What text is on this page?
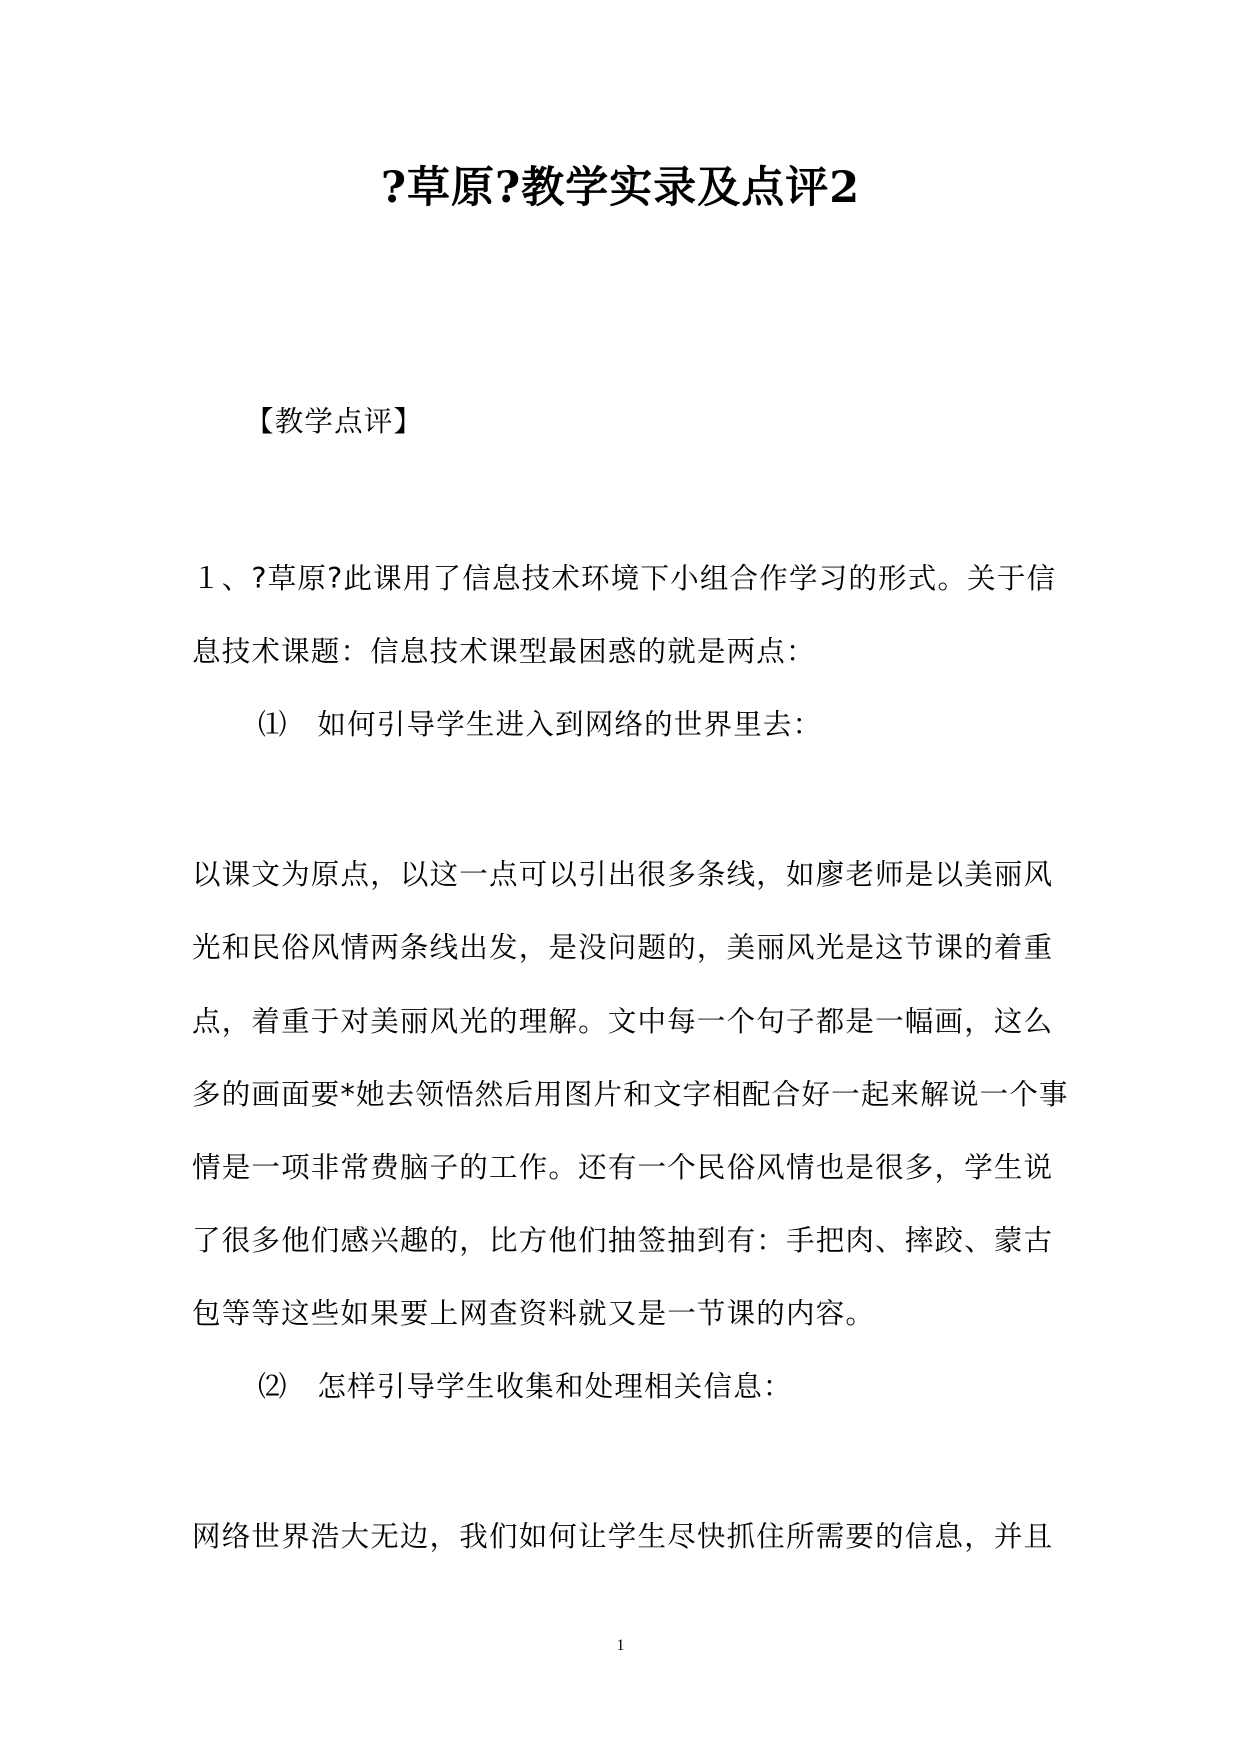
?草原?教学实录及点评2
【教学点评】
１、?草原?此课用了信息技术环境下小组合作学习的形式。关于信
息技术课题：信息技术课型最困惑的就是两点：
⑴　如何引导学生进入到网络的世界里去：
以课文为原点，以这一点可以引出很多条线，如廖老师是以美丽风
光和民俗风情两条线出发，是没问题的，美丽风光是这节课的着重
点，着重于对美丽风光的理解。文中每一个句子都是一幅画，这么
多的画面要*她去领悟然后用图片和文字相配合好一起来解说一个事
情是一项非常费脑子的工作。还有一个民俗风情也是很多，学生说
了很多他们感兴趣的，比方他们抽签抽到有：手把肉、摔跤、蒙古
包等等这些如果要上网查资料就又是一节课的内容。
⑵　怎样引导学生收集和处理相关信息：
网络世界浩大无边，我们如何让学生尽快抓住所需要的信息，并且
1
